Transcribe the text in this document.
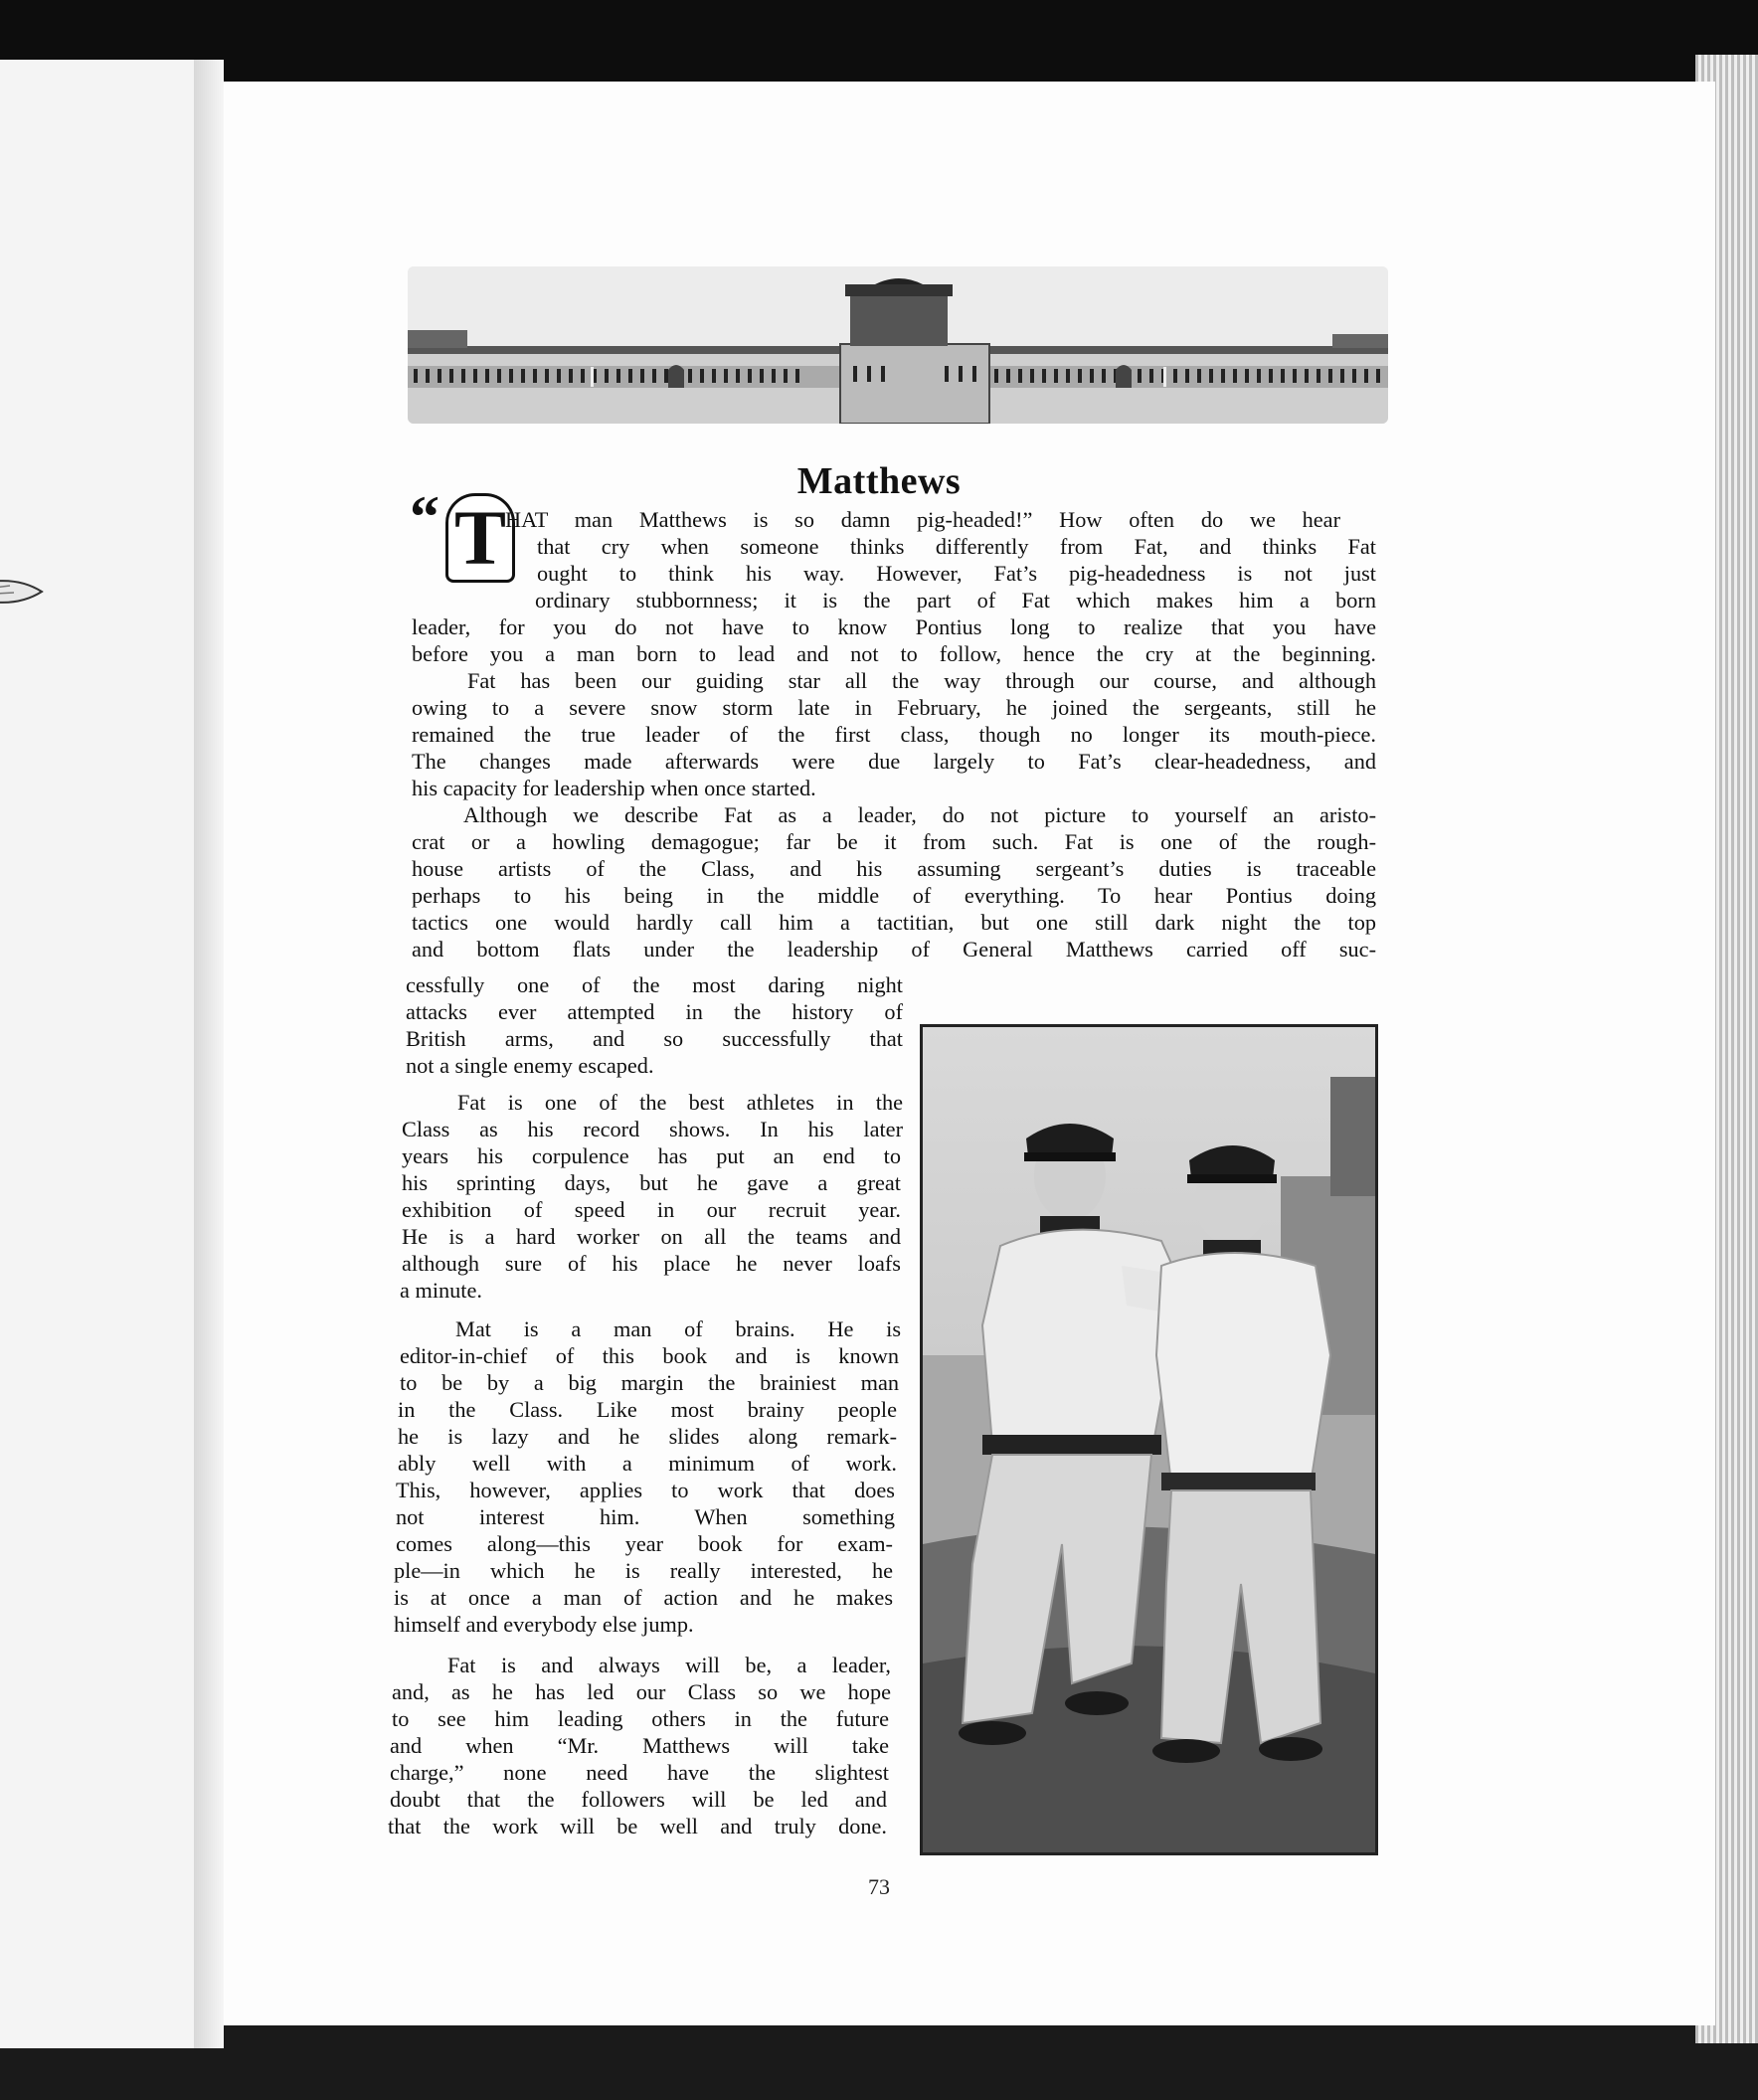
Matthews
“ T
HAT man Matthews is so damn pig-headed!” How often do we hear
that cry when someone thinks differently from Fat, and thinks Fat
ought to think his way. However, Fat’s pig-headedness is not just
ordinary stubbornness; it is the part of Fat which makes him a born
leader, for you do not have to know Pontius long to realize that you have
before you a man born to lead and not to follow, hence the cry at the beginning.
Fat has been our guiding star all the way through our course, and although
owing to a severe snow storm late in February, he joined the sergeants, still he
remained the true leader of the first class, though no longer its mouth-piece.
The changes made afterwards were due largely to Fat’s clear-headedness, and
his capacity for leadership when once started.
Although we describe Fat as a leader, do not picture to yourself an aristo-
crat or a howling demagogue; far be it from such. Fat is one of the rough-
house artists of the Class, and his assuming sergeant’s duties is traceable
perhaps to his being in the middle of everything. To hear Pontius doing
tactics one would hardly call him a tactitian, but one still dark night the top
and bottom flats under the leadership of General Matthews carried off suc-
cessfully one of the most daring night
attacks ever attempted in the history of
British arms, and so successfully that
not a single enemy escaped.
Fat is one of the best athletes in the
Class as his record shows. In his later
years his corpulence has put an end to
his sprinting days, but he gave a great
exhibition of speed in our recruit year.
He is a hard worker on all the teams and
although sure of his place he never loafs
a minute.
Mat is a man of brains. He is
editor-in-chief of this book and is known
to be by a big margin the brainiest man
in the Class. Like most brainy people
he is lazy and he slides along remark-
ably well with a minimum of work.
This, however, applies to work that does
not interest him. When something
comes along—this year book for exam-
ple—in which he is really interested, he
is at once a man of action and he makes
himself and everybody else jump.
Fat is and always will be, a leader,
and, as he has led our Class so we hope
to see him leading others in the future
and when “Mr. Matthews will take
charge,” none need have the slightest
doubt that the followers will be led and
that the work will be well and truly done.
73
